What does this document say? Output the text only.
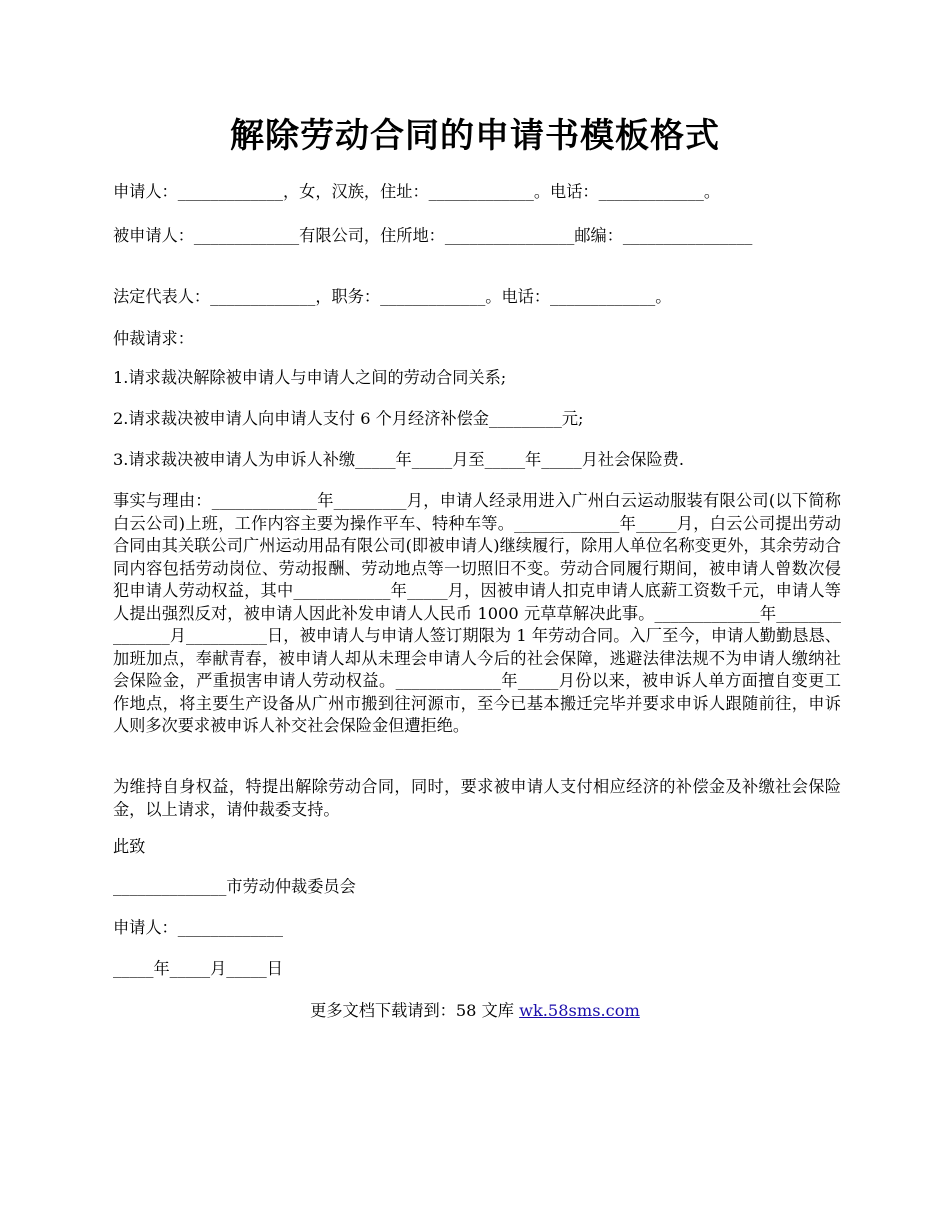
解除劳动合同的申请书模板格式

申请人：_____________，女，汉族，住址：_____________。电话：_____________。

被申请人：_____________有限公司，住所地：________________邮编：________________

法定代表人：_____________，职务：_____________。电话：_____________。

仲裁请求：

1.请求裁决解除被申请人与申请人之间的劳动合同关系;

2.请求裁决被申请人向申请人支付 6 个月经济补偿金_________元;

3.请求裁决被申请人为申诉人补缴_____年_____月至_____年_____月社会保险费.

事实与理由：_____________年_________月，申请人经录用进入广州白云运动服装有限公司(以下简称白云公司)上班，工作内容主要为操作平车、特种车等。_____________年_____月，白云公司提出劳动合同由其关联公司广州运动用品有限公司(即被申请人)继续履行，除用人单位名称变更外，其余劳动合同内容包括劳动岗位、劳动报酬、劳动地点等一切照旧不变。劳动合同履行期间，被申请人曾数次侵犯申请人劳动权益，其中____________年_____月，因被申请人扣克申请人底薪工资数千元，申请人等人提出强烈反对，被申请人因此补发申请人人民币 1000 元草草解决此事。_____________年_______________月__________日，被申请人与申请人签订期限为 1 年劳动合同。入厂至今，申请人勤勤恳恳、加班加点，奉献青春，被申请人却从未理会申请人今后的社会保障，逃避法律法规不为申请人缴纳社会保险金，严重损害申请人劳动权益。_____________年_____月份以来，被申诉人单方面擅自变更工作地点，将主要生产设备从广州市搬到往河源市，至今已基本搬迁完毕并要求申诉人跟随前往，申诉人则多次要求被申诉人补交社会保险金但遭拒绝。

为维持自身权益，特提出解除劳动合同，同时，要求被申请人支付相应经济的补偿金及补缴社会保险金，以上请求，请仲裁委支持。

此致

______________市劳动仲裁委员会

申请人：_____________

_____年_____月_____日

更多文档下载请到：58 文库 wk.58sms.com
